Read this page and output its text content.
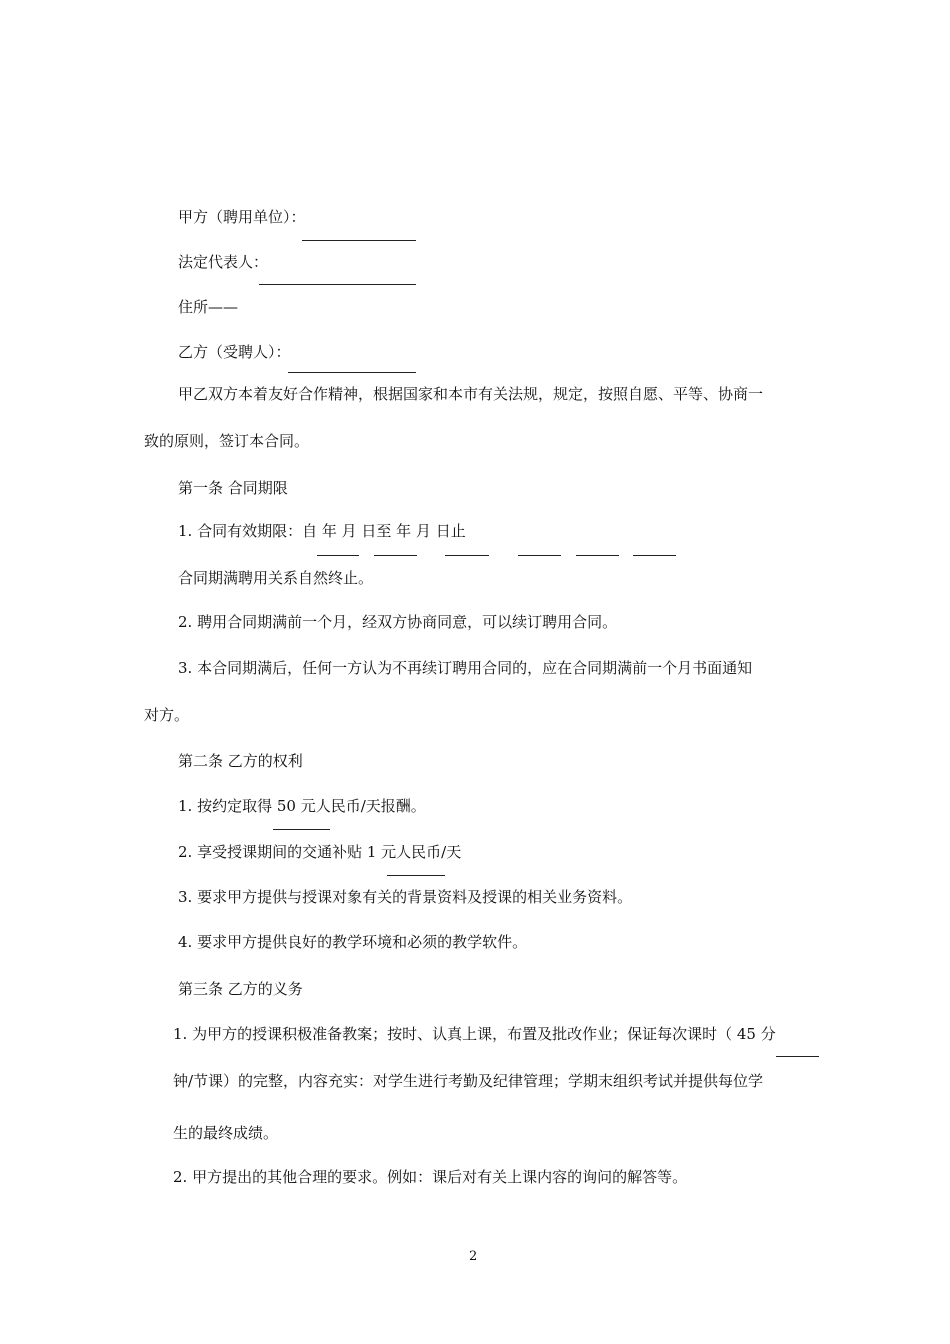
甲方（聘用单位）：
法定代表人：
住所——
乙方（受聘人）：
甲乙双方本着友好合作精神，根据国家和本市有关法规，规定，按照自愿、平等、协商一
致的原则，签订本合同。
第一条 合同期限
1. 合同有效期限：自 年 月 日至 年 月 日止
合同期满聘用关系自然终止。
2. 聘用合同期满前一个月，经双方协商同意，可以续订聘用合同。
3. 本合同期满后，任何一方认为不再续订聘用合同的，应在合同期满前一个月书面通知
对方。
第二条 乙方的权利
1. 按约定取得 50 元人民币/天报酬。
2. 享受授课期间的交通补贴 1 元人民币/天
3. 要求甲方提供与授课对象有关的背景资料及授课的相关业务资料。
4. 要求甲方提供良好的教学环境和必须的教学软件。
第三条 乙方的义务
1. 为甲方的授课积极准备教案；按时、认真上课，布置及批改作业；保证每次课时（ 45 分
钟/节课）的完整，内容充实：对学生进行考勤及纪律管理；学期末组织考试并提供每位学
生的最终成绩。
2. 甲方提出的其他合理的要求。例如：课后对有关上课内容的询问的解答等。
2
